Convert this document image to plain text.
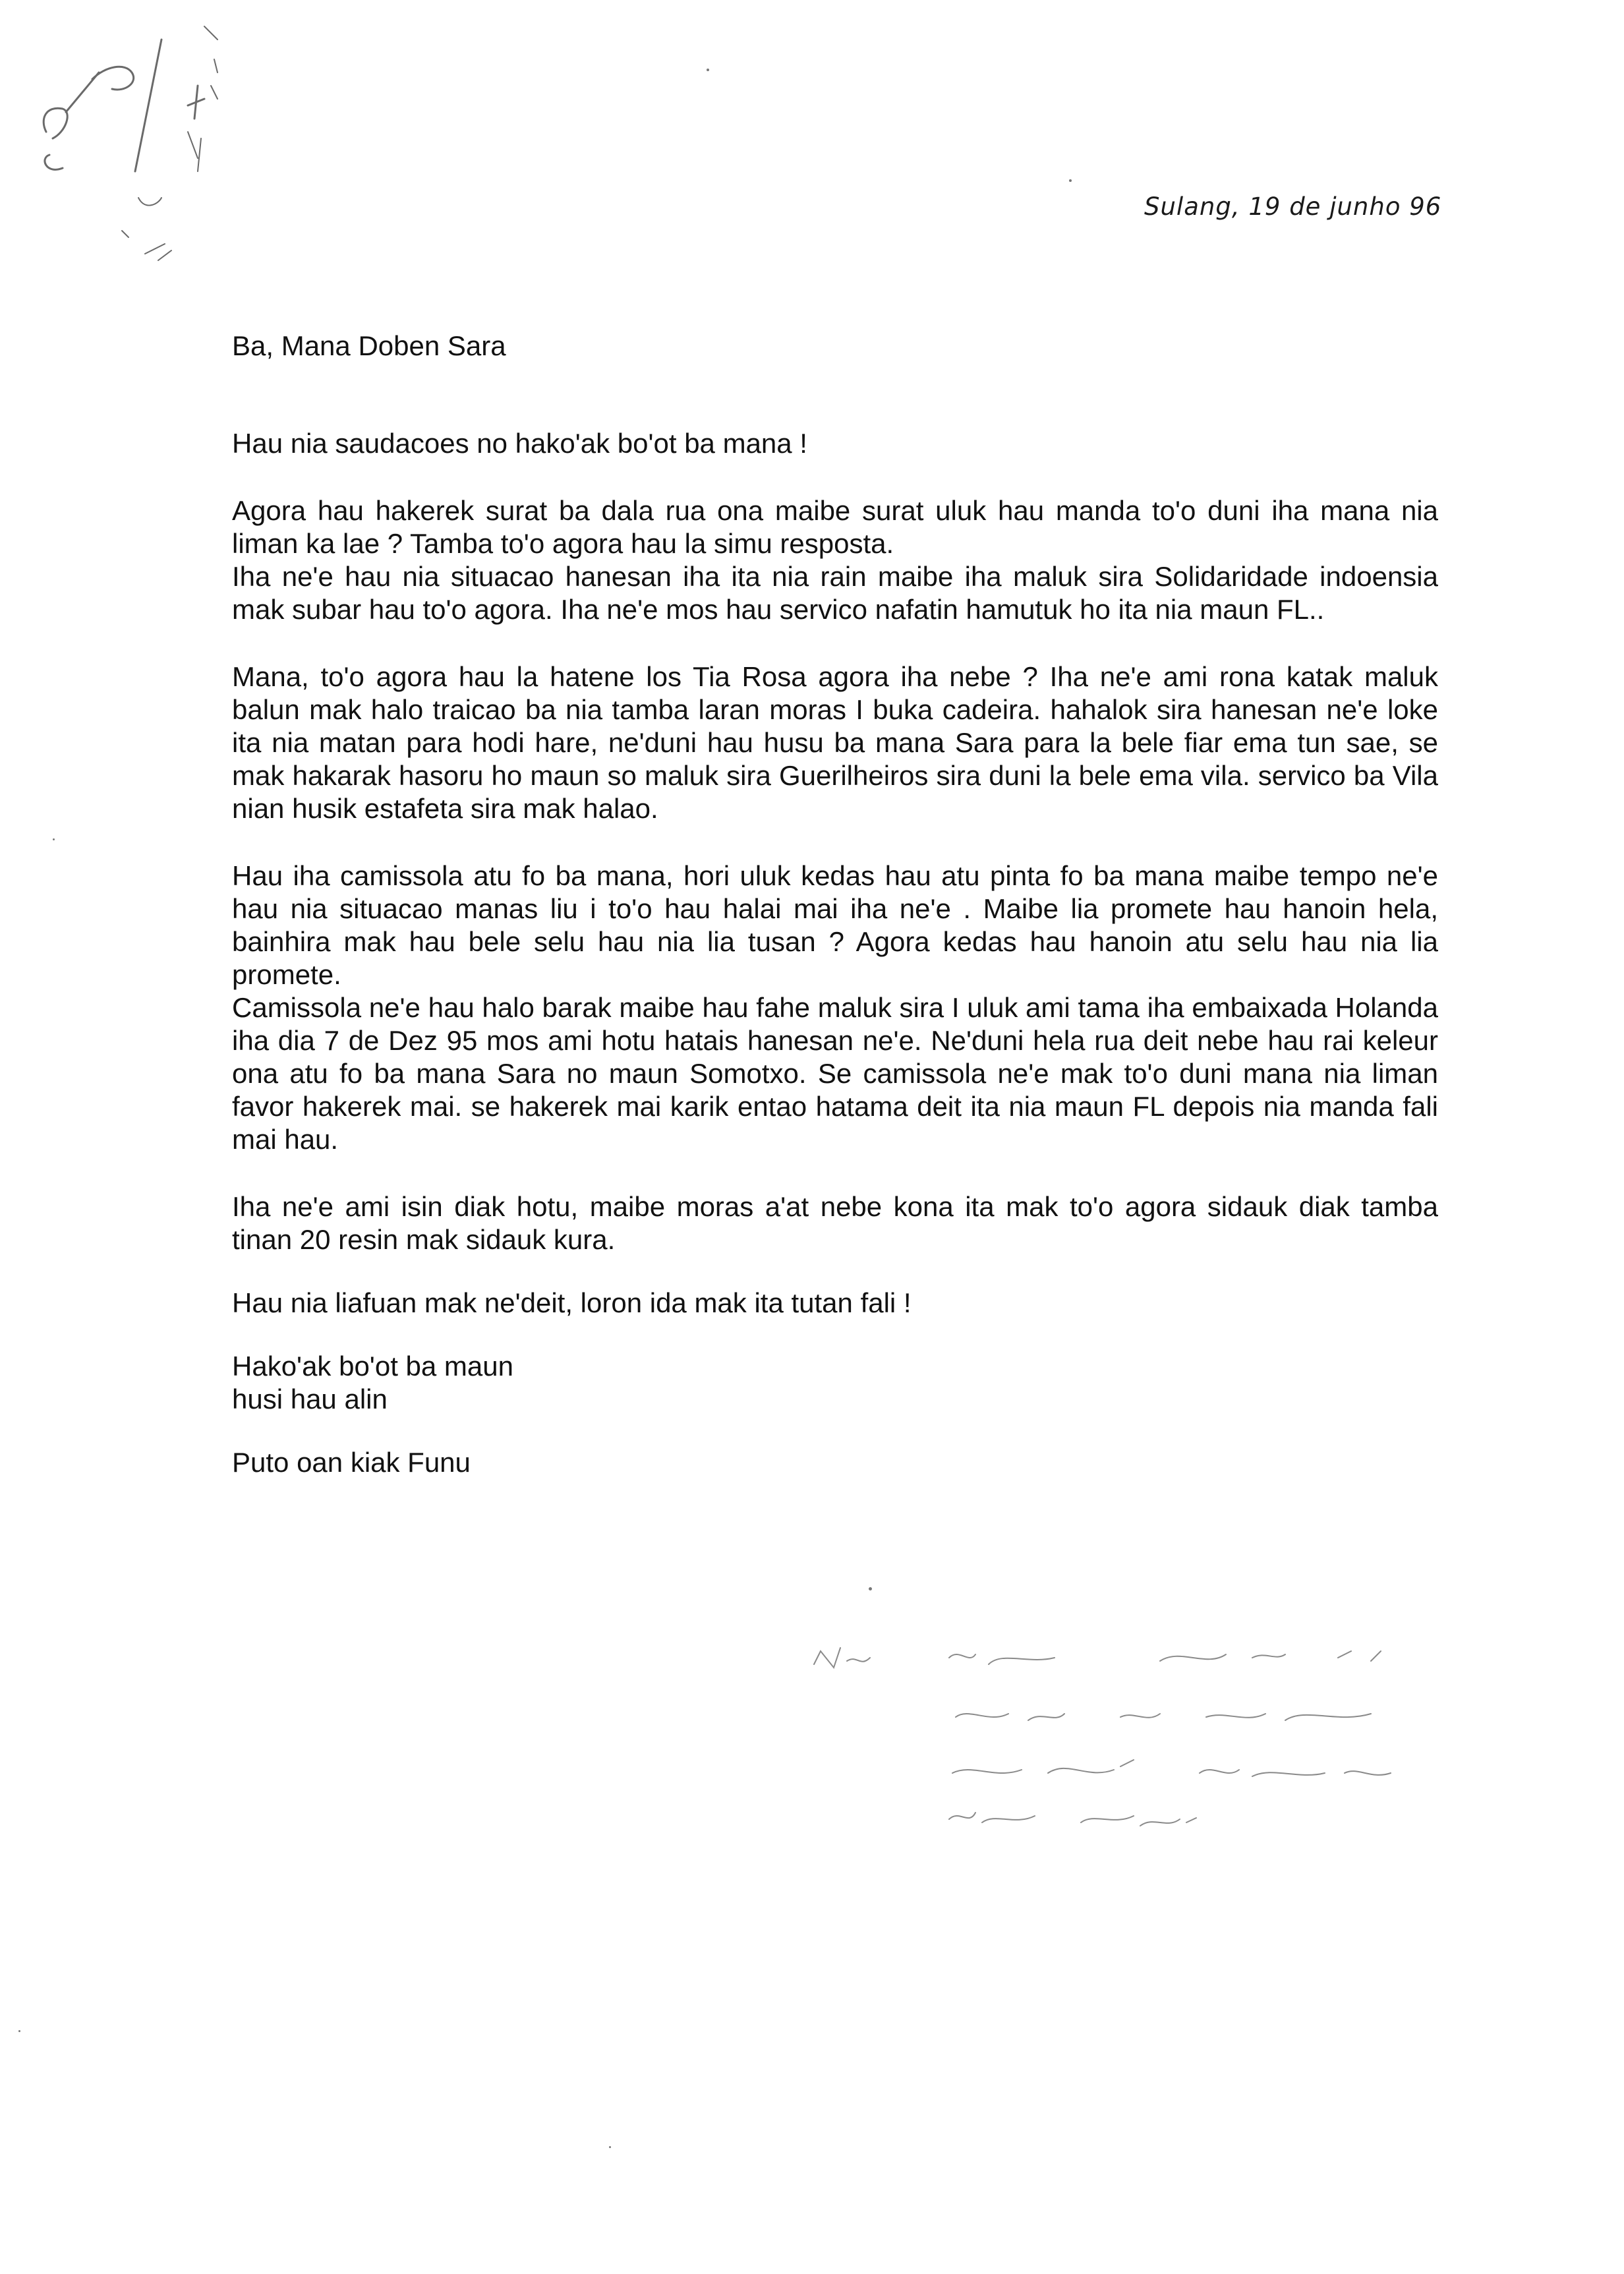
Sulang, 19 de junho 96

Ba, Mana Doben Sara

Hau nia saudacoes no hako'ak bo'ot ba mana !

Agora hau hakerek surat ba dala rua ona maibe surat uluk hau manda to'o duni iha mana nia liman ka lae ? Tamba to'o agora hau la simu resposta.

Iha ne'e hau nia situacao hanesan iha ita nia rain maibe iha maluk sira Solidaridade indoensia mak subar hau to'o agora. Iha ne'e mos hau servico nafatin hamutuk ho ita nia maun FL..

Mana, to'o agora hau la hatene los Tia Rosa agora iha nebe ? Iha ne'e ami rona katak maluk balun mak halo traicao ba nia tamba laran moras I buka cadeira. hahalok sira hanesan ne'e loke ita nia matan para hodi hare, ne'duni hau husu ba mana Sara para la bele fiar ema tun sae, se mak hakarak hasoru ho maun so maluk sira Guerilheiros sira duni la bele ema vila. servico ba Vila nian husik estafeta sira mak halao.

Hau iha camissola atu fo ba mana, hori uluk kedas hau atu pinta fo ba mana maibe tempo ne'e hau nia situacao manas liu i to'o hau halai mai iha ne'e . Maibe lia promete hau hanoin hela, bainhira mak hau bele selu hau nia lia tusan ? Agora kedas hau hanoin atu selu hau nia lia promete.

Camissola ne'e hau halo barak maibe hau fahe maluk sira I uluk ami tama iha embaixada Holanda iha dia 7 de Dez 95 mos ami hotu hatais hanesan ne'e. Ne'duni hela rua deit nebe hau rai keleur ona atu fo ba mana Sara no maun Somotxo. Se camissola ne'e mak to'o duni mana nia liman favor hakerek mai. se hakerek mai karik entao hatama deit ita nia maun FL depois nia manda fali mai hau.

Iha ne'e ami isin diak hotu, maibe moras a'at nebe kona ita mak to'o agora sidauk diak tamba tinan 20 resin mak sidauk kura.

Hau nia liafuan mak ne'deit, loron ida mak ita tutan fali !

Hako'ak bo'ot ba maun

husi hau alin

Puto oan kiak Funu
